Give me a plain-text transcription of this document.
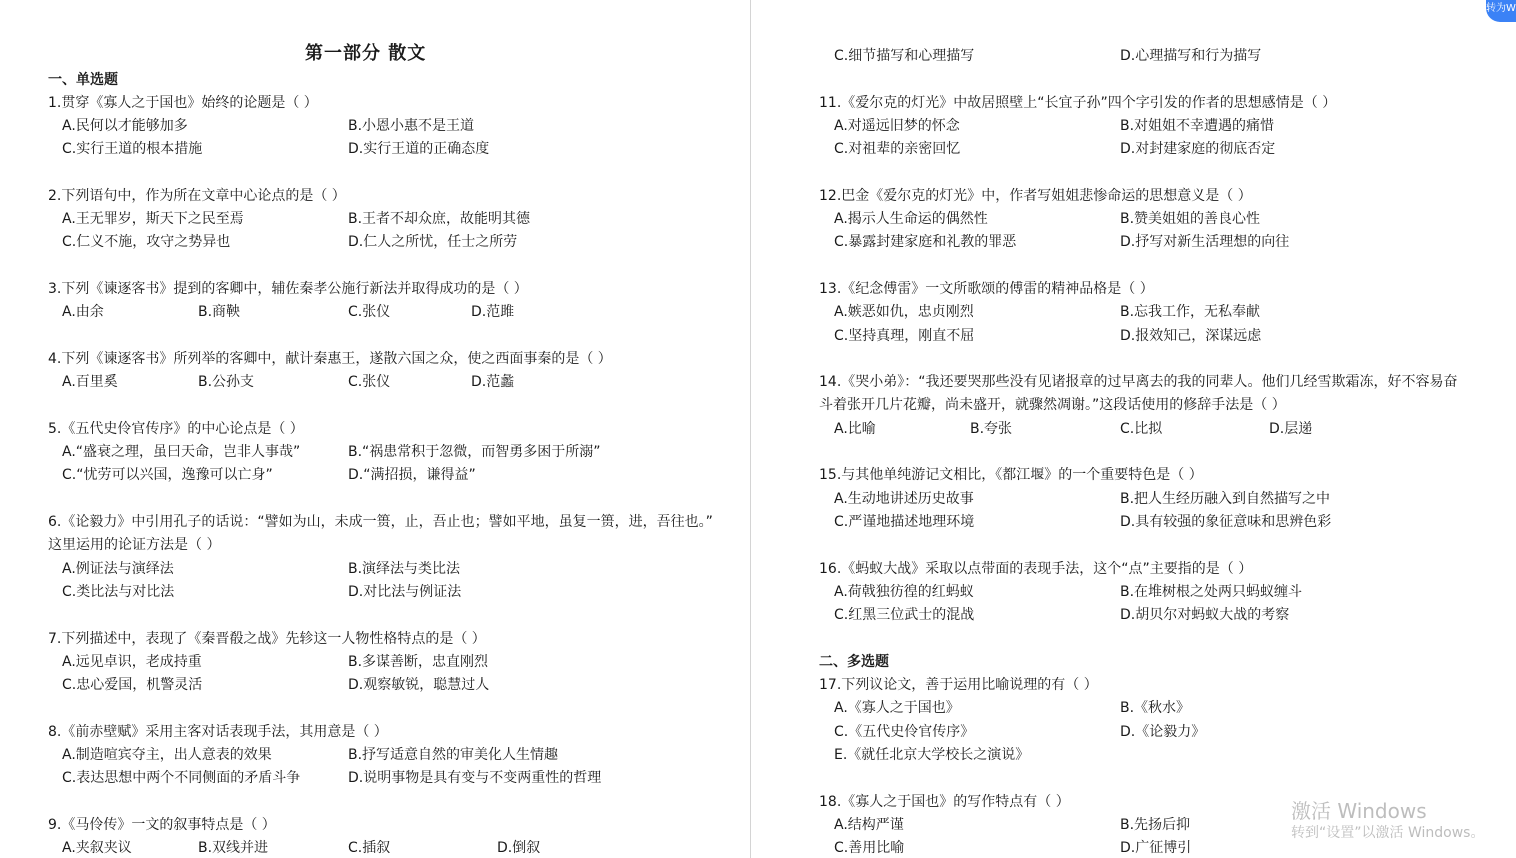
第一部分 散文
一、单选题
1.贯穿《寡人之于国也》始终的论题是（ ）
A.民何以才能够加多	B.小恩小惠不是王道
C.实行王道的根本措施	D.实行王道的正确态度
2.下列语句中，作为所在文章中心论点的是（ ）
A.王无罪岁，斯天下之民至焉	B.王者不却众庶，故能明其德
C.仁义不施，攻守之势异也	D.仁人之所忧，任士之所劳
3.下列《谏逐客书》提到的客卿中，辅佐秦孝公施行新法并取得成功的是（ ）
A.由余	B.商鞅	C.张仪	D.范雎
4.下列《谏逐客书》所列举的客卿中，献计秦惠王，遂散六国之众，使之西面事秦的是（ ）
A.百里奚	B.公孙支	C.张仪	D.范蠡
5.《五代史伶官传序》的中心论点是（ ）
A.“盛衰之理，虽曰天命，岂非人事哉”	B.“祸患常积于忽微，而智勇多困于所溺”
C.“忧劳可以兴国，逸豫可以亡身”	D.“满招损，谦得益”
6.《论毅力》中引用孔子的话说：“譬如为山，未成一篑，止，吾止也；譬如平地，虽复一篑，进，吾往也。”
这里运用的论证方法是（ ）
A.例证法与演绎法	B.演绎法与类比法
C.类比法与对比法	D.对比法与例证法
7.下列描述中，表现了《秦晋殽之战》先轸这一人物性格特点的是（ ）
A.远见卓识，老成持重	B.多谋善断，忠直刚烈
C.忠心爱国，机警灵活	D.观察敏锐，聪慧过人
8.《前赤壁赋》采用主客对话表现手法，其用意是（ ）
A.制造喧宾夺主，出人意表的效果	B.抒写适意自然的审美化人生情趣
C.表达思想中两个不同侧面的矛盾斗争	D.说明事物是具有变与不变两重性的哲理
9.《马伶传》一文的叙事特点是（ ）
A.夹叙夹议	B.双线并进	C.插叙	D.倒叙
C.细节描写和心理描写	D.心理描写和行为描写
11.《爱尔克的灯光》中故居照壁上“长宜子孙”四个字引发的作者的思想感情是（ ）
A.对遥远旧梦的怀念	B.对姐姐不幸遭遇的痛惜
C.对祖辈的亲密回忆	D.对封建家庭的彻底否定
12.巴金《爱尔克的灯光》中，作者写姐姐悲惨命运的思想意义是（ ）
A.揭示人生命运的偶然性	B.赞美姐姐的善良心性
C.暴露封建家庭和礼教的罪恶	D.抒写对新生活理想的向往
13.《纪念傅雷》一文所歌颂的傅雷的精神品格是（ ）
A.嫉恶如仇，忠贞刚烈	B.忘我工作，无私奉献
C.坚持真理，刚直不屈	D.报效知己，深谋远虑
14.《哭小弟》：“我还要哭那些没有见诸报章的过早离去的我的同辈人。他们几经雪欺霜冻，好不容易奋
斗着张开几片花瓣，尚未盛开，就骤然凋谢。”这段话使用的修辞手法是（ ）
A.比喻	B.夸张	C.比拟	D.层递
15.与其他单纯游记文相比，《都江堰》的一个重要特色是（ ）
A.生动地讲述历史故事	B.把人生经历融入到自然描写之中
C.严谨地描述地理环境	D.具有较强的象征意味和思辨色彩
16.《蚂蚁大战》采取以点带面的表现手法，这个“点”主要指的是（ ）
A.荷戟独彷徨的红蚂蚁	B.在堆树根之处两只蚂蚁缠斗
C.红黑三位武士的混战	D.胡贝尔对蚂蚁大战的考察
二、多选题
17.下列议论文，善于运用比喻说理的有（ ）
A.《寡人之于国也》	B.《秋水》
C.《五代史伶官传序》	D.《论毅力》
E.《就任北京大学校长之演说》
18.《寡人之于国也》的写作特点有（ ）
A.结构严谨	B.先扬后抑
C.善用比喻	D.广征博引
转为W
激活 Windows
转到“设置”以激活 Windows。
